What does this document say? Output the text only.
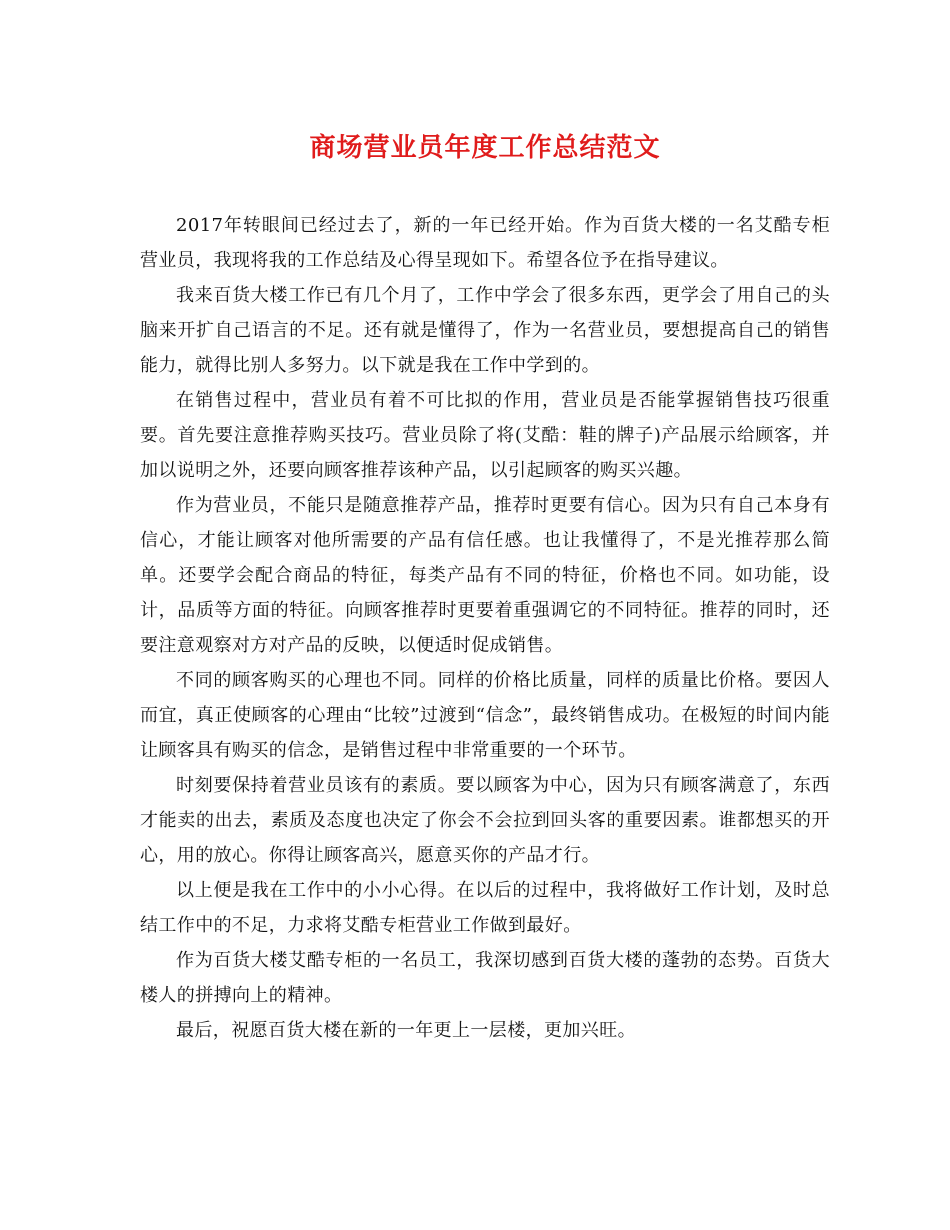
商场营业员年度工作总结范文

2017年转眼间已经过去了，新的一年已经开始。作为百货大楼的一名艾酷专柜营业员，我现将我的工作总结及心得呈现如下。希望各位予在指导建议。

我来百货大楼工作已有几个月了，工作中学会了很多东西，更学会了用自己的头脑来开扩自己语言的不足。还有就是懂得了，作为一名营业员，要想提高自己的销售能力，就得比别人多努力。以下就是我在工作中学到的。

在销售过程中，营业员有着不可比拟的作用，营业员是否能掌握销售技巧很重要。首先要注意推荐购买技巧。营业员除了将(艾酷：鞋的牌子)产品展示给顾客，并加以说明之外，还要向顾客推荐该种产品，以引起顾客的购买兴趣。

作为营业员，不能只是随意推荐产品，推荐时更要有信心。因为只有自己本身有信心，才能让顾客对他所需要的产品有信任感。也让我懂得了，不是光推荐那么简单。还要学会配合商品的特征，每类产品有不同的特征，价格也不同。如功能，设计，品质等方面的特征。向顾客推荐时更要着重强调它的不同特征。推荐的同时，还要注意观察对方对产品的反映，以便适时促成销售。

不同的顾客购买的心理也不同。同样的价格比质量，同样的质量比价格。要因人而宜，真正使顾客的心理由“比较”过渡到“信念”，最终销售成功。在极短的时间内能让顾客具有购买的信念，是销售过程中非常重要的一个环节。

时刻要保持着营业员该有的素质。要以顾客为中心，因为只有顾客满意了，东西才能卖的出去，素质及态度也决定了你会不会拉到回头客的重要因素。谁都想买的开心，用的放心。你得让顾客高兴，愿意买你的产品才行。

以上便是我在工作中的小小心得。在以后的过程中，我将做好工作计划，及时总结工作中的不足，力求将艾酷专柜营业工作做到最好。

作为百货大楼艾酷专柜的一名员工，我深切感到百货大楼的蓬勃的态势。百货大楼人的拼搏向上的精神。

最后，祝愿百货大楼在新的一年更上一层楼，更加兴旺。
